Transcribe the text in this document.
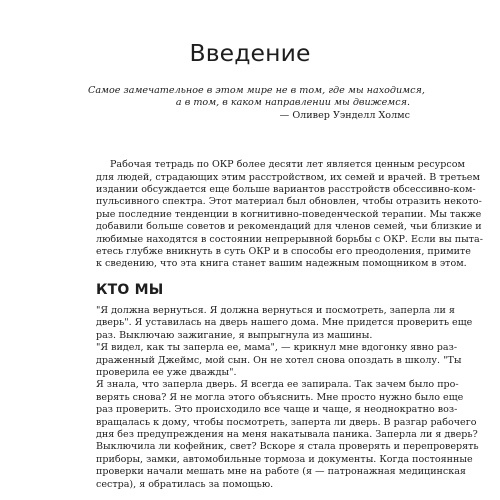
Введение
Самое замечательное в этом мире не в том, где мы находимся,
а в том, в каком направлении мы движемся.
— Оливер Уэнделл Холмс
Рабочая тетрадь по ОКР более десяти лет является ценным ресурсом
для людей, страдающих этим расстройством, их семей и врачей. В третьем
издании обсуждается еще больше вариантов расстройств обсессивно-ком-
пульсивного спектра. Этот материал был обновлен, чтобы отразить некото-
рые последние тенденции в когнитивно-поведенческой терапии. Мы также
добавили больше советов и рекомендаций для членов семей, чьи близкие и
любимые находятся в состоянии непрерывной борьбы с ОКР. Если вы пыта-
етесь глубже вникнуть в суть ОКР и в способы его преодоления, примите
к сведению, что эта книга станет вашим надежным помощником в этом.
КТО МЫ
"Я должна вернуться. Я должна вернуться и посмотреть, заперла ли я
дверь". Я уставилась на дверь нашего дома. Мне придется проверить еще
раз. Выключаю зажигание, я выпрыгнула из машины.
"Я видел, как ты заперла ее, мама", — крикнул мне вдогонку явно раз-
драженный Джеймс, мой сын. Он не хотел снова опоздать в школу. "Ты
проверила ее уже дважды".
Я знала, что заперла дверь. Я всегда ее запирала. Так зачем было про-
верять снова? Я не могла этого объяснить. Мне просто нужно было еще
раз проверить. Это происходило все чаще и чаще, я неоднократно воз-
вращалась к дому, чтобы посмотреть, заперта ли дверь. В разгар рабочего
дня без предупреждения на меня накатывала паника. Заперла ли я дверь?
Выключила ли кофейник, свет? Вскоре я стала проверять и перепроверять
приборы, замки, автомобильные тормоза и документы. Когда постоянные
проверки начали мешать мне на работе (я — патронажная медицинская
сестра), я обратилась за помощью.
